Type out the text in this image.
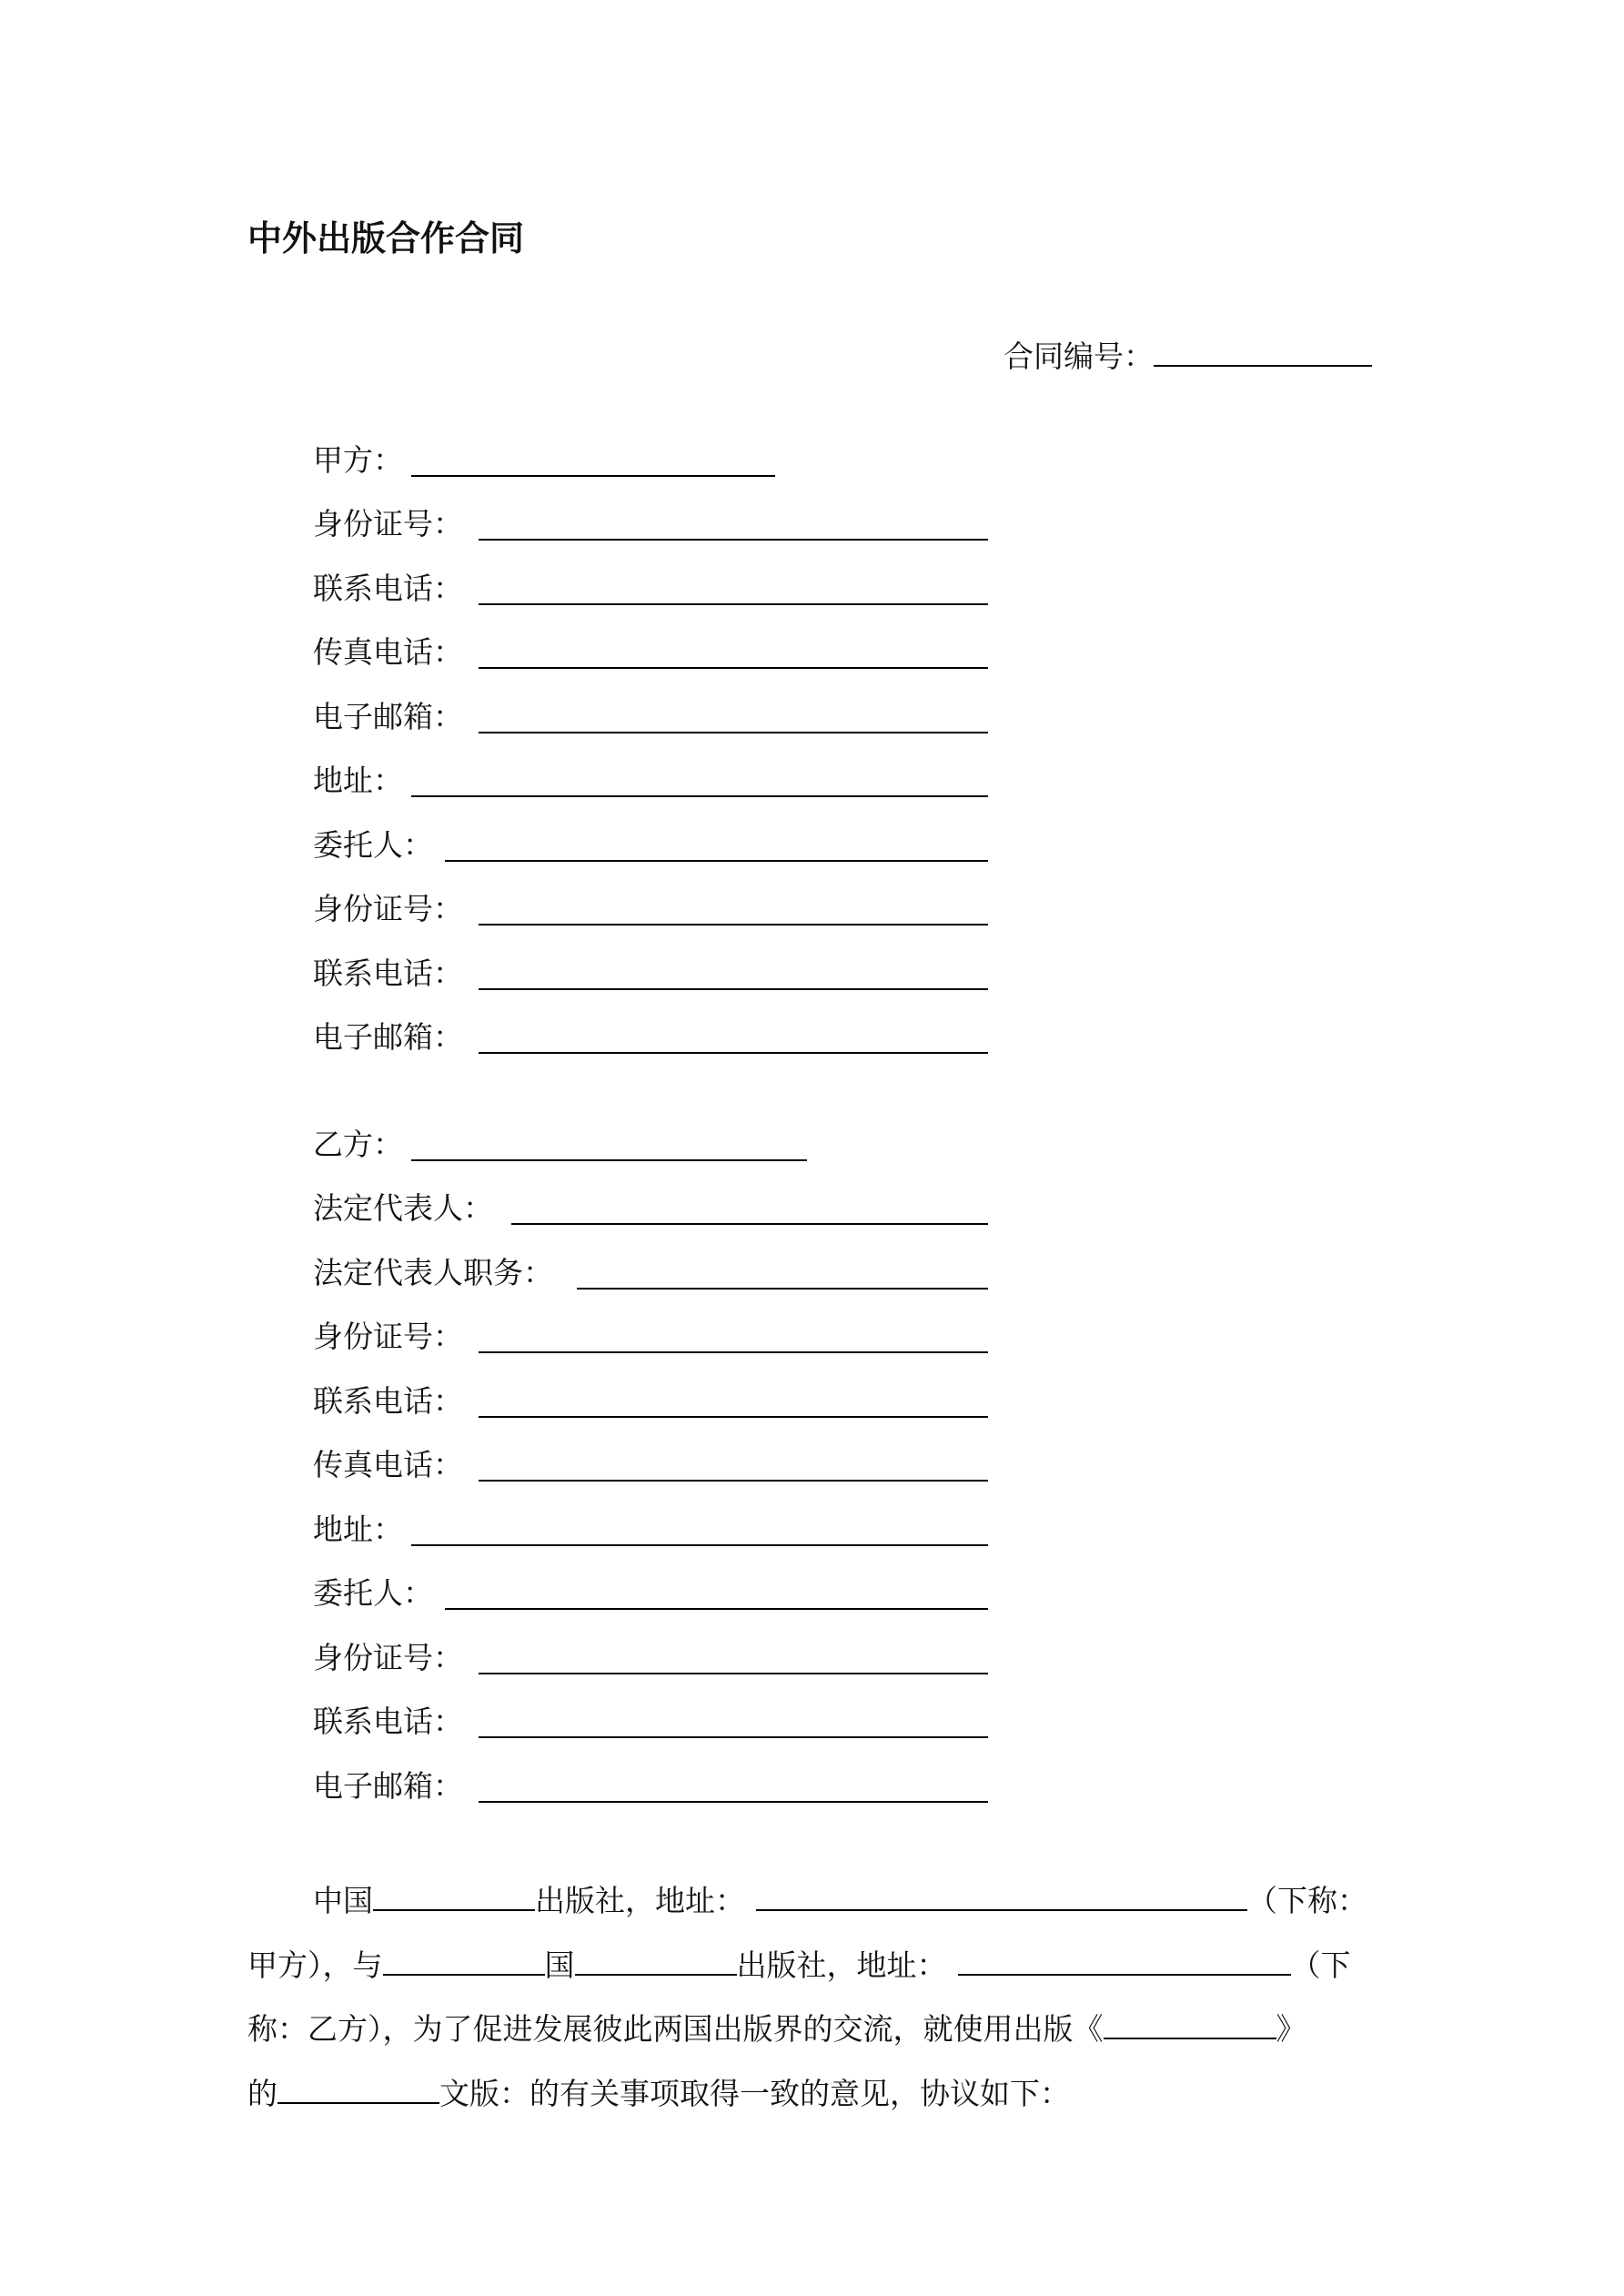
中外出版合作合同
合同编号：
甲方：
身份证号：
联系电话：
传真电话：
电子邮箱：
地址：
委托人：
身份证号：
联系电话：
电子邮箱：
乙方：
法定代表人：
法定代表人职务：
身份证号：
联系电话：
传真电话：
地址：
委托人：
身份证号：
联系电话：
电子邮箱：
中国	出版社，地址：	（下称：
甲方），与	国	出版社，地址：	（下
称：乙方），为了促进发展彼此两国出版界的交流，就使用出版《	》
的	文版：的有关事项取得一致的意见，协议如下：
